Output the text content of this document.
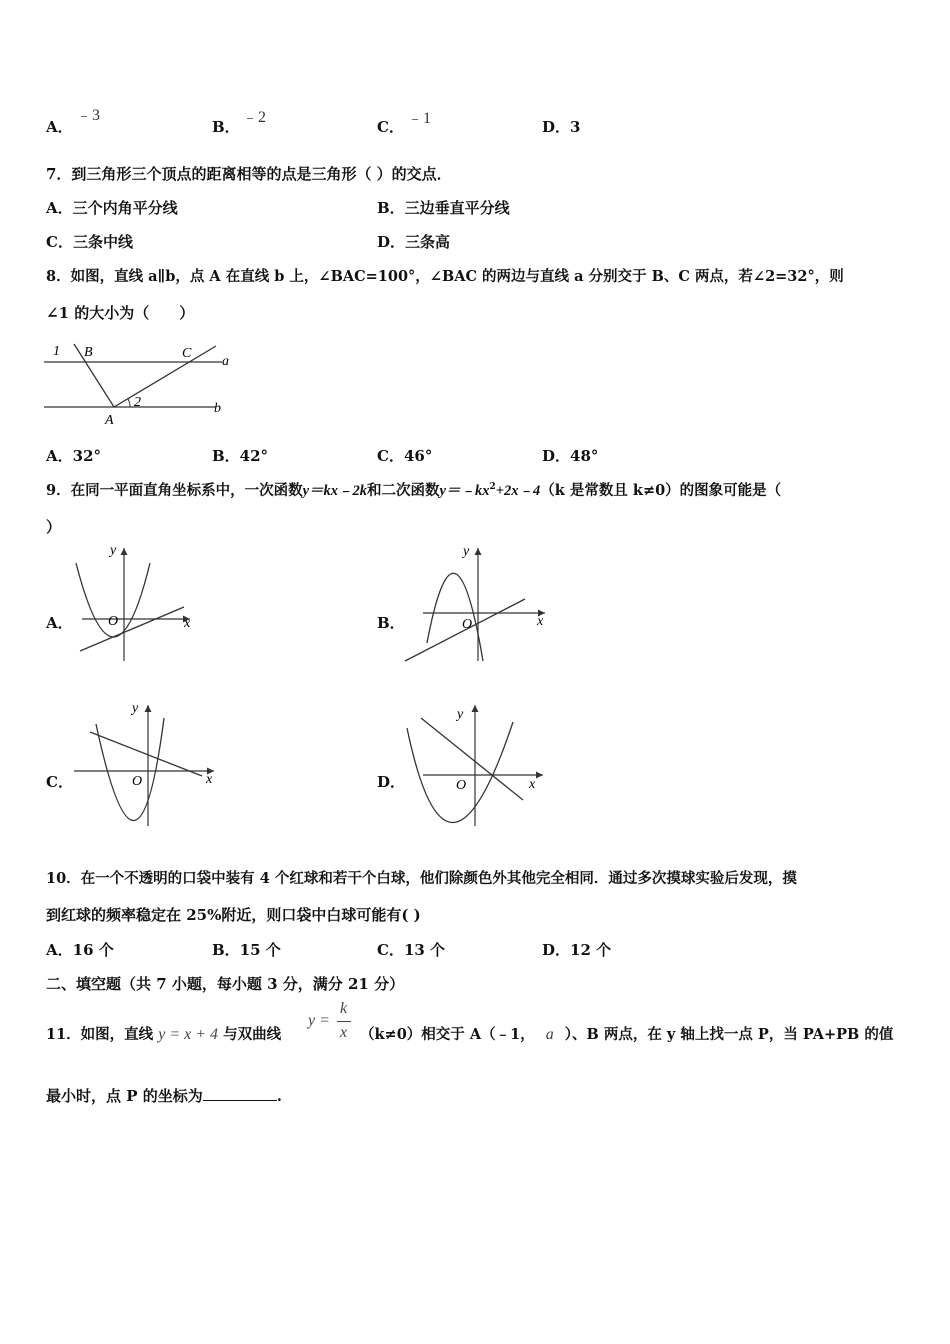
A．
﹣3
B．
﹣2
C． ﹣1	D．3
7．到三角形三个顶点的距离相等的点是三角形（ ）的交点．
A．三个内角平分线	B．三边垂直平分线
C．三条中线	D．三条高
8．如图，直线 a∥b，点 A 在直线 b 上，∠BAC=100°，∠BAC 的两边与直线 a 分别交于 B、C 两点，若∠2=32°，则
∠1 的大小为（　　）
1 B	C
a
2
A
b
A．32°	B．42°	C．46°	D．48°
9．在同一平面直角坐标系中，一次函数y＝kx﹣2k和二次函数$y=﹣kx^2+2x﹣4(k$ 是常数且 k≠0）的图象可能是（
）
A．	x
y
O	B．	x
y
O
C．	x
y
O	D．	x
y
O
10．在一个不透明的口袋中装有 4 个红球和若干个白球，他们除颜色外其他完全相同．通过多次摸球实验后发现，摸
到红球的频率稳定在 25%附近，则口袋中白球可能有( )
A．16 个	B．15 个	C．13 个	D．12 个
二、填空题（共 7 小题，每小题 3 分，满分 21 分）
11．如图，直线 y = x + 4 与双曲线
y =
k
x （k≠0）相交于 A（﹣1， a ）、B 两点，在 y 轴上找一点 P，当 PA+PB 的值
最小时，点 P 的坐标为	.
